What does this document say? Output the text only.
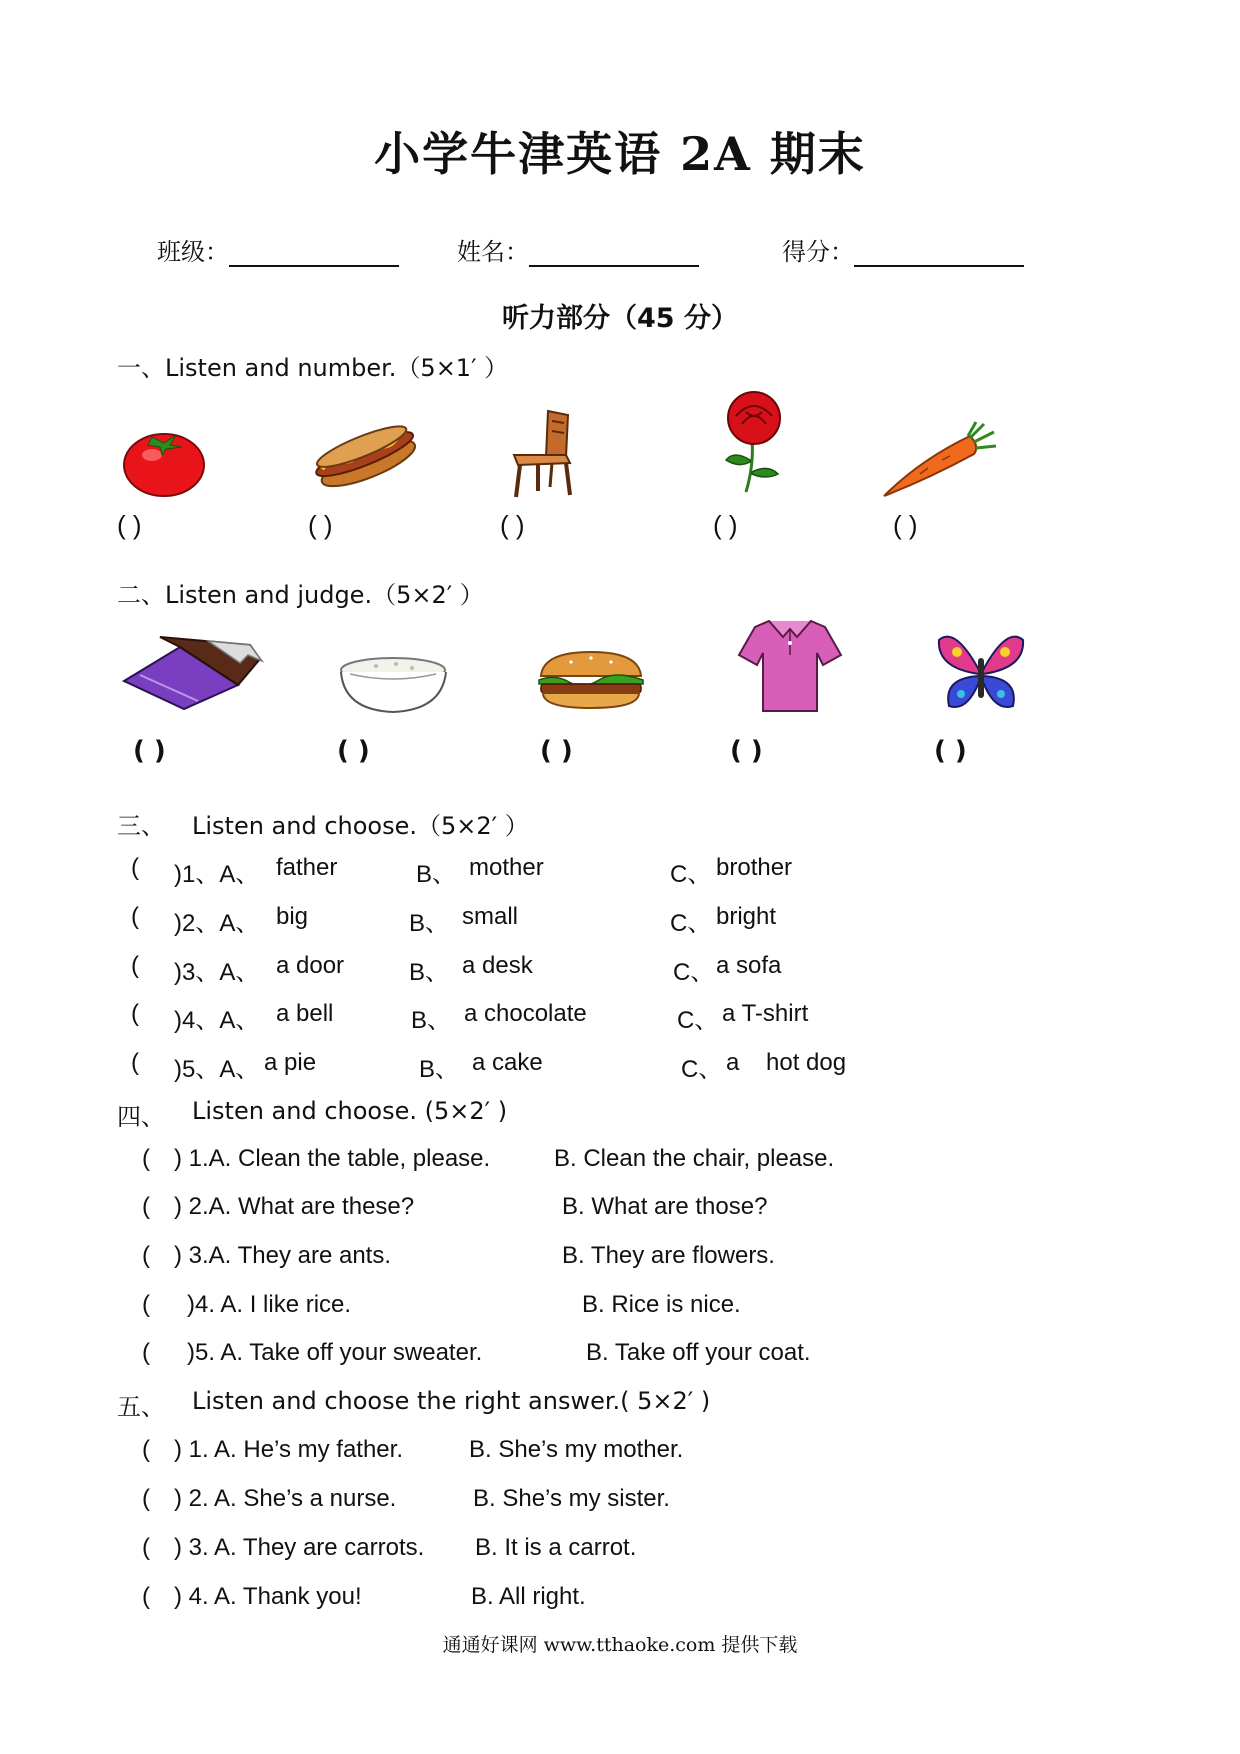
小学牛津英语 2A 期末
班级：	姓名：	得分：
听力部分（45 分）
一、Listen and number.（5×1′ ）
( )	( )	( )	( )	( )
二、Listen and judge.（5×2′ ）
( )	( )	( )	( )	( )
三、 Listen and choose.（5×2′ ）
( )1、A、 father	B、 mother	C、 brother
( )2、A、 big	B、 small	C、 bright
( )3、A、 a door	B、 a desk	C、 a sofa
( )4、A、 a bell	B、 a chocolate	C、 a T-shirt
( )5、A、 a pie	B、 a cake	C、 a    hot dog
四、 Listen and choose. (5×2′ )
( ) 1.A. Clean the table, please.	B. Clean the chair, please.
( ) 2.A. What are these?	B. What are those?
( ) 3.A. They are ants.	B. They are flowers.
( )4. A. I like rice.	B. Rice is nice.
( )5. A. Take off your sweater.	B. Take off your coat.
五、 Listen and choose the right answer.( 5×2′ )
( ) 1. A. He’s my father.	B. She’s my mother.
( ) 2. A. She’s a nurse.	B. She’s my sister.
( ) 3. A. They are carrots. B. It is a carrot.
( ) 4. A. Thank you!	B. All right.
通通好课网 www.tthaoke.com 提供下载
